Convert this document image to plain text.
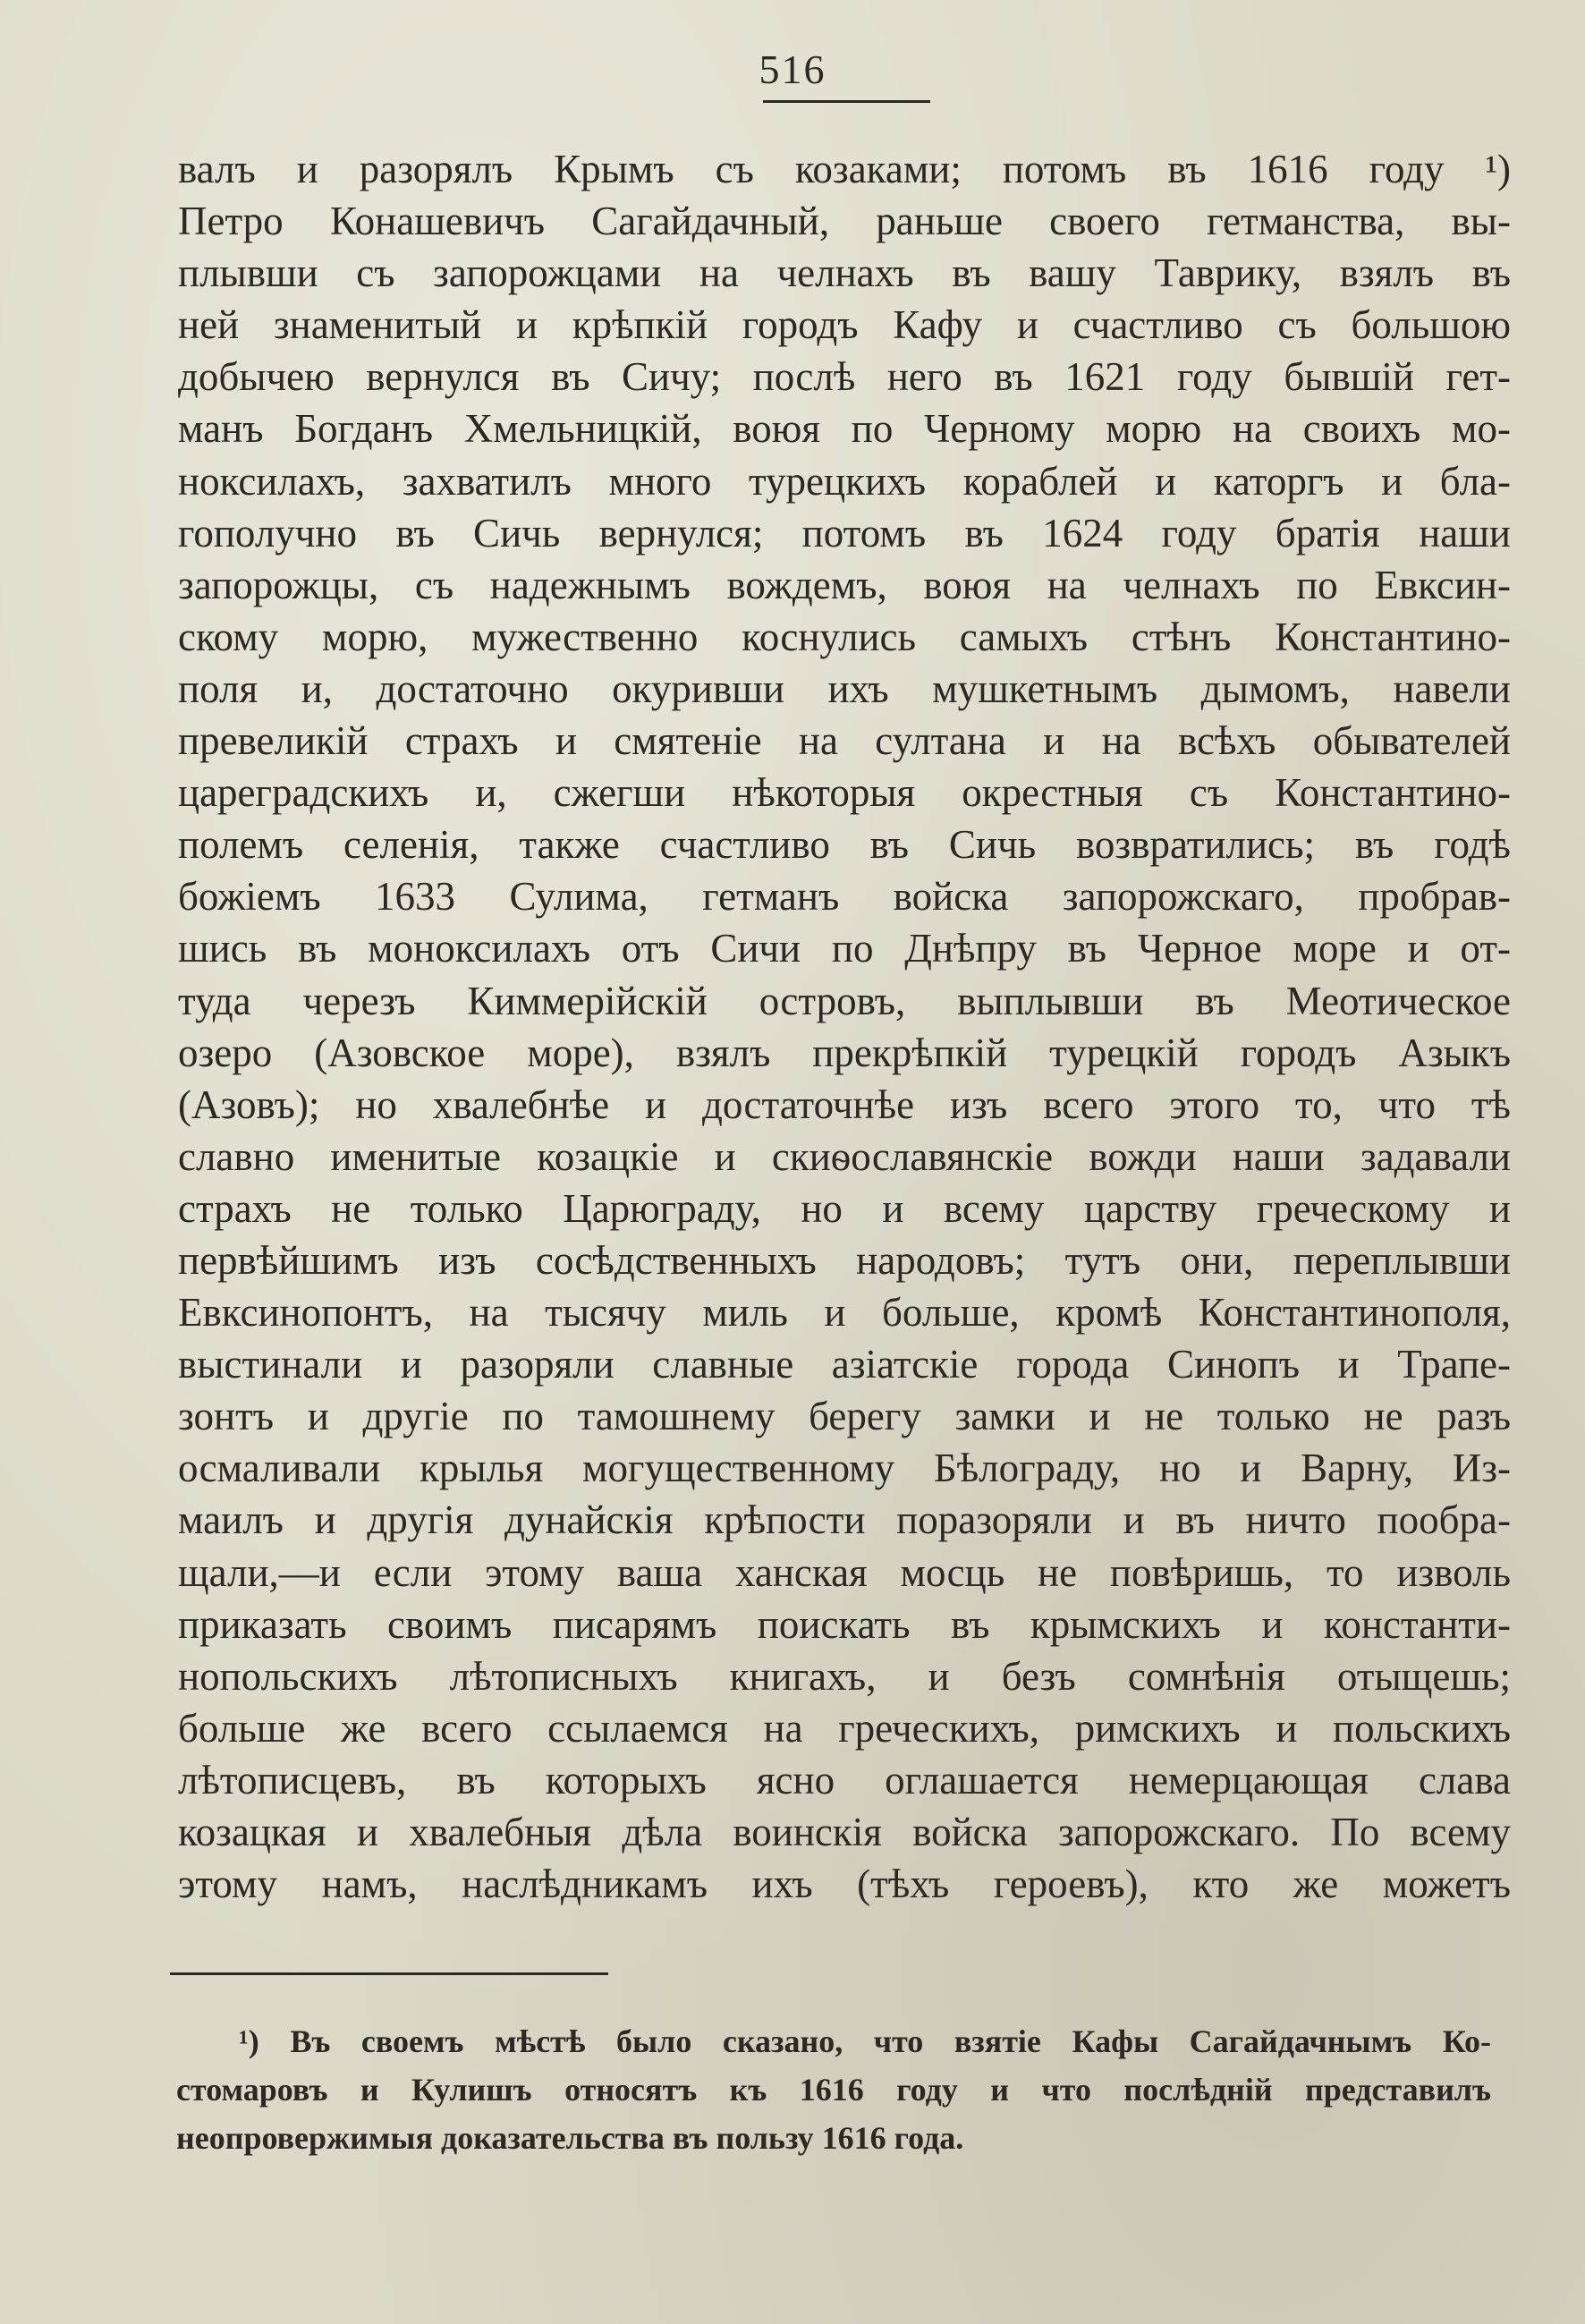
516
валъ и разорялъ Крымъ съ козаками; потомъ въ 1616 году ¹)
Петро Конашевичъ Сагайдачный, раньше своего гетманства, вы-
плывши съ запорожцами на челнахъ въ вашу Таврику, взялъ въ
ней знаменитый и крѣпкій городъ Кафу и счастливо съ большою
добычею вернулся въ Сичу; послѣ него въ 1621 году бывшій гет-
манъ Богданъ Хмельницкій, воюя по Черному морю на своихъ мо-
ноксилахъ, захватилъ много турецкихъ кораблей и каторгъ и бла-
гополучно въ Сичь вернулся; потомъ въ 1624 году братія наши
запорожцы, съ надежнымъ вождемъ, воюя на челнахъ по Евксин-
скому морю, мужественно коснулись самыхъ стѣнъ Константино-
поля и, достаточно окуривши ихъ мушкетнымъ дымомъ, навели
превеликій страхъ и смятеніе на султана и на всѣхъ обывателей
цареградскихъ и, сжегши нѣкоторыя окрестныя съ Константино-
полемъ селенія, также счастливо въ Сичь возвратились; въ годѣ
божіемъ 1633 Сулима, гетманъ войска запорожскаго, пробрав-
шись въ моноксилахъ отъ Сичи по Днѣпру въ Черное море и от-
туда черезъ Киммерійскій островъ, выплывши въ Меотическое
озеро (Азовское море), взялъ прекрѣпкій турецкій городъ Азыкъ
(Азовъ); но хвалебнѣе и достаточнѣе изъ всего этого то, что тѣ
славно именитые козацкіе и скиѳославянскіе вожди наши задавали
страхъ не только Царюграду, но и всему царству греческому и
первѣйшимъ изъ сосѣдственныхъ народовъ; тутъ они, переплывши
Евксинопонтъ, на тысячу миль и больше, кромѣ Константинополя,
выстинали и разоряли славные азіатскіе города Синопъ и Трапе-
зонтъ и другіе по тамошнему берегу замки и не только не разъ
осмаливали крылья могущественному Бѣлограду, но и Варну, Из-
маилъ и другія дунайскія крѣпости поразоряли и въ ничто пообра-
щали,—и если этому ваша ханская мосць не повѣришь, то изволь
приказать своимъ писарямъ поискать въ крымскихъ и константи-
нопольскихъ лѣтописныхъ книгахъ, и безъ сомнѣнія отыщешь;
больше же всего ссылаемся на греческихъ, римскихъ и польскихъ
лѣтописцевъ, въ которыхъ ясно оглашается немерцающая слава
козацкая и хвалебныя дѣла воинскія войска запорожскаго. По всему
этому намъ, наслѣдникамъ ихъ (тѣхъ героевъ), кто же можетъ
¹) Въ своемъ мѣстѣ было сказано, что взятіе Кафы Сагайдачнымъ Ко-
стомаровъ и Кулишъ относятъ къ 1616 году и что послѣдній представилъ
неопровержимыя доказательства въ пользу 1616 года.
